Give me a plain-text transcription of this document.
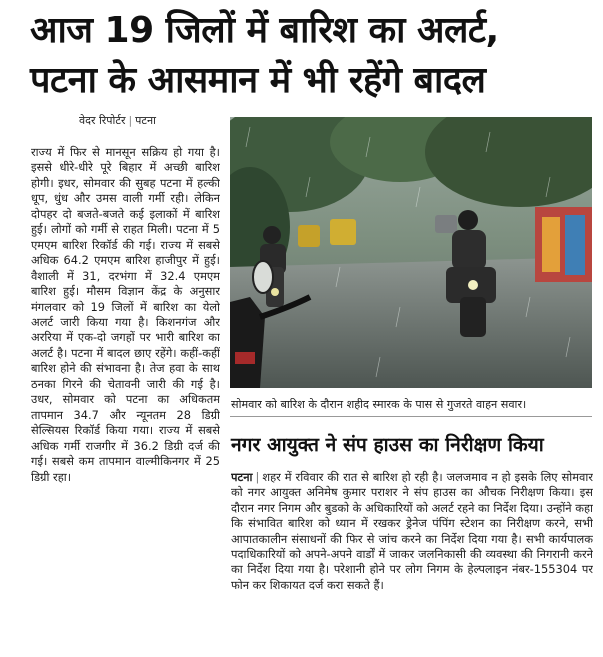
आज 19 जिलों में बारिश का अलर्ट,
पटना के आसमान में भी रहेंगे बादल
वेदर रिपोर्टर | पटना
राज्य में फिर से मानसून सक्रिय हो गया है। इससे धीरे-धीरे पूरे बिहार में अच्छी बारिश होगी। इधर, सोमवार की सुबह पटना में हल्की धूप, धुंध और उमस वाली गर्मी रही। लेकिन दोपहर दो बजते-बजते कई इलाकों में बारिश हुई। लोगों को गर्मी से राहत मिली। पटना में 5 एमएम बारिश रिकॉर्ड की गई। राज्य में सबसे अधिक 64.2 एमएम बारिश हाजीपुर में हुई। वैशाली में 31, दरभंगा में 32.4 एमएम बारिश हुई। मौसम विज्ञान केंद्र के अनुसार मंगलवार को 19 जिलों में बारिश का येलो अलर्ट जारी किया गया है। किशनगंज और अररिया में एक-दो जगहों पर भारी बारिश का अलर्ट है। पटना में बादल छाए रहेंगे। कहीं-कहीं बारिश होने की संभावना है। तेज हवा के साथ ठनका गिरने की चेतावनी जारी की गई है। उधर, सोमवार को पटना का अधिकतम तापमान 34.7 और न्यूनतम 28 डिग्री सेल्सियस रिकॉर्ड किया गया। राज्य में सबसे अधिक गर्मी राजगीर में 36.2 डिग्री दर्ज की गई। सबसे कम तापमान वाल्मीकिनगर में 25 डिग्री रहा।
सोमवार को बारिश के दौरान शहीद स्मारक के पास से गुजरते वाहन सवार।
नगर आयुक्त ने संप हाउस का निरीक्षण किया
पटना | शहर में रविवार की रात से बारिश हो रही है। जलजमाव न हो इसके लिए सोमवार को नगर आयुक्त अनिमेष कुमार पराशर ने संप हाउस का औचक निरीक्षण किया। इस दौरान नगर निगम और बुडको के अधिकारियों को अलर्ट रहने का निर्देश दिया। उन्होंने कहा कि संभावित बारिश को ध्यान में रखकर ड्रेनेज पंपिंग स्टेशन का निरीक्षण करने, सभी आपातकालीन संसाधनों की फिर से जांच करने का निर्देश दिया गया है। सभी कार्यपालक पदाधिकारियों को अपने-अपने वार्डों में जाकर जलनिकासी की व्यवस्था की निगरानी करने का निर्देश दिया गया है। परेशानी होने पर लोग निगम के हेल्पलाइन नंबर-155304 पर फोन कर शिकायत दर्ज करा सकते हैं।
